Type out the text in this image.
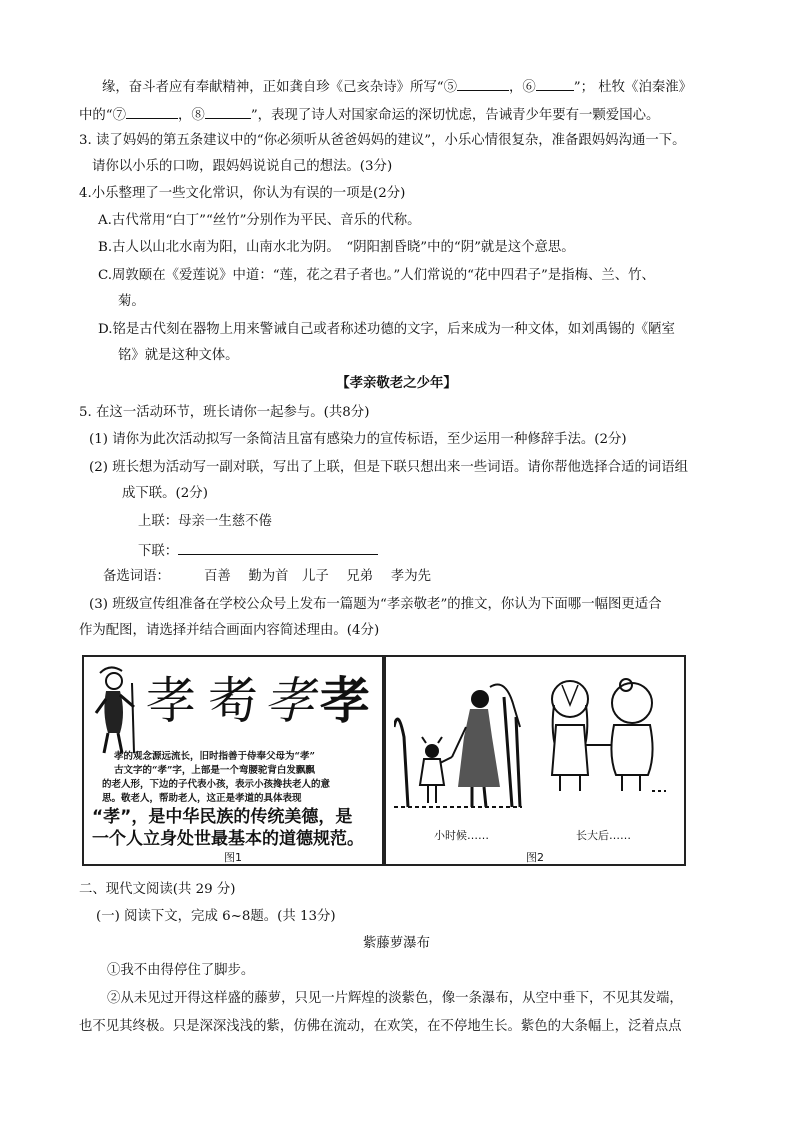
缘，奋斗者应有奉献精神，正如龚自珍《己亥杂诗》所写“⑤	，⑥	”； 杜牧《泊秦淮》
中的“⑦	，⑧	”，表现了诗人对国家命运的深切忧虑，告诫青少年要有一颗爱国心。
3. 读了妈妈的第五条建议中的“你必须听从爸爸妈妈的建议”，小乐心情很复杂，准备跟妈妈沟通一下。
请你以小乐的口吻，跟妈妈说说自己的想法。(3分)
4.小乐整理了一些文化常识，你认为有误的一项是(2分)
A.古代常用“白丁”“丝竹”分别作为平民、音乐的代称。
B.古人以山北水南为阳，山南水北为阴。　“阴阳割昏晓”中的“阴”就是这个意思。
C.周敦颐在《爱莲说》中道：“莲，花之君子者也。”人们常说的“花中四君子”是指梅、兰、竹、
菊。
D.铭是古代刻在器物上用来警诫自己或者称述功德的文字，后来成为一种文体，如刘禹锡的《陋室
铭》就是这种文体。
【孝亲敬老之少年】
5. 在这一活动环节，班长请你一起参与。(共8分)
(1) 请你为此次活动拟写一条简洁且富有感染力的宣传标语，至少运用一种修辞手法。(2分)
(2) 班长想为活动写一副对联，写出了上联，但是下联只想出来一些词语。请你帮他选择合适的词语组
成下联。(2分)
上联：母亲一生慈不倦
下联：
备选词语：	百善　 勤为首　儿子　 兄弟　 孝为先
(3) 班级宣传组准备在学校公众号上发布一篇题为“孝亲敬老”的推文，你认为下面哪一幅图更适合
作为配图，请选择并结合画面内容简述理由。(4分)
孝 耇 孝 孝
孝的观念源远流长，旧时指善于侍奉父母为“孝”
古文字的“孝”字，上部是一个弯腰驼背白发飘飘
的老人形，下边的子代表小孩，表示小孩搀扶老人的意
思。敬老人，帮助老人，这正是孝道的具体表现
“孝”，是中华民族的传统美德，是
一个人立身处世最基本的道德规范。
图1
小时候……	长大后……
图2
二、现代文阅读(共 29 分)
(一) 阅读下文，完成 6~8题。(共 13分)
紫藤萝瀑布
①我不由得停住了脚步。
②从未见过开得这样盛的藤萝，只见一片辉煌的淡紫色，像一条瀑布，从空中垂下，不见其发端，
也不见其终极。只是深深浅浅的紫，仿佛在流动，在欢笑，在不停地生长。紫色的大条幅上，泛着点点
